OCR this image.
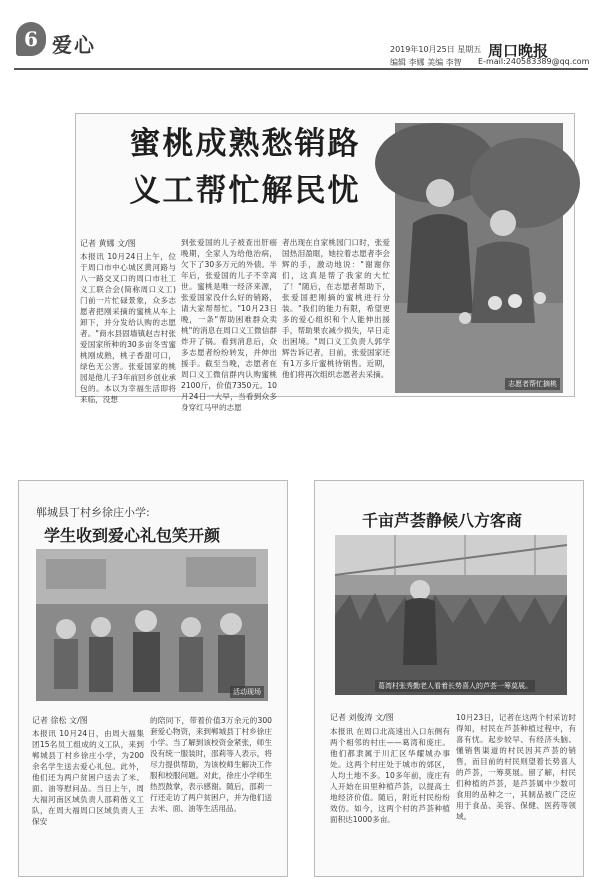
6 爱心	2019年10月25日 星期五 周口晚报
编辑 李娜 美编 李智 E-mail:240583389@qq.com
蜜桃成熟愁销路
义工帮忙解民忧
志愿者帮忙摘桃
记者 黄娜 文/图
本报讯 10月24日上午，位于周口市中心城区黄河路与八一路交叉口的周口市社工义工联合会(简称周口义工)门前一片忙碌景象，众多志愿者把刚采摘的蜜桃从车上卸下，并分发给认购的志愿者。"商水县固墙镇赵吉村张爱国家所种的30多亩冬雪蜜桃刚成熟，桃子香甜可口，绿色无公害。张爱国家的桃园是他儿子3年前回乡创业承包的。本以为幸福生活即将来临，没想
到张爱国的儿子被查出肝癌晚期，全家人为给他治病，欠下了30多万元的外债。半年后，张爱国的儿子不幸离世。蜜桃是唯一经济来源，张爱国家没什么好的销路，请大家帮帮忙。"10月23日晚，一条"帮助困难群众卖桃"的消息在周口义工微信群炸开了锅。看到消息后，众多志愿者纷纷转发，并伸出援手。截至当晚，志愿者在周口义工微信群内认购蜜桃2100斤，价值7350元。10月24日一大早，当看到众多身穿红马甲的志愿
者出现在自家桃园门口时，张爱国热泪盈眶，她拉着志愿者李会辉的手，激动地说："谢谢你们，这真是帮了我家的大忙了！"随后，在志愿者帮助下，张爱国把刚摘的蜜桃进行分装。"我们的能力有限，希望更多的爱心组织和个人能伸出援手，帮助果农减少损失，早日走出困境。"周口义工负责人郭学辉告诉记者，目前，张爱国家还有1万多斤蜜桃待销售。近期，他们将再次组织志愿者去采摘。
郸城县丁村乡徐庄小学:
学生收到爱心礼包笑开颜
活动现场
记者 徐松 文/图
本报讯 10月24日，由周大福集团15名员工组成的义工队，来到郸城县丁村乡徐庄小学，为200余名学生送去爱心礼包。此外，他们还为两户贫困户送去了米、面、油等慰问品。当日上午，周大福河南区域负责人邵莉偕义工队，在周大福周口区域负责人王保安
的陪同下，带着价值3万余元的300套爱心物资，来到郸城县丁村乡徐庄小学。当了解到该校资金紧张，师生没有统一服装时，邵莉等人表示，将尽力提供帮助，为该校师生解决工作服和校服问题。对此，徐庄小学师生热烈鼓掌，表示感谢。随后，邵莉一行还走访了两户贫困户，并为他们送去米、面、油等生活用品。
千亩芦荟静候八方客商
葛湾村张秀勤老人看着长势喜人的芦荟一筹莫展。
记者 刘俊涛 文/图
本报讯 在周口北高速出入口东侧有两个相邻的村庄——葛湾和庞庄。他们都隶属于川汇区华耀城办事处。这两个村庄处于城市的郊区，人均土地不多。10多年前，庞庄有人开始在田里种植芦荟，以提高土地经济价值。随后，附近村民纷纷效仿。如今，这两个村的芦荟种植面积达1000多亩。
10月23日，记者在这两个村采访时得知，村民在芦荟种植过程中，有喜有忧。起步较早、有经济头脑、懂销售渠道的村民因其芦荟的销售，而目前的村民则望着长势喜人的芦荟，一筹莫展。留了解，村民们种植的芦荟，是芦荟属中少数可食用的品种之一，其制品被广泛应用于食品、美容、保健、医药等领域。
